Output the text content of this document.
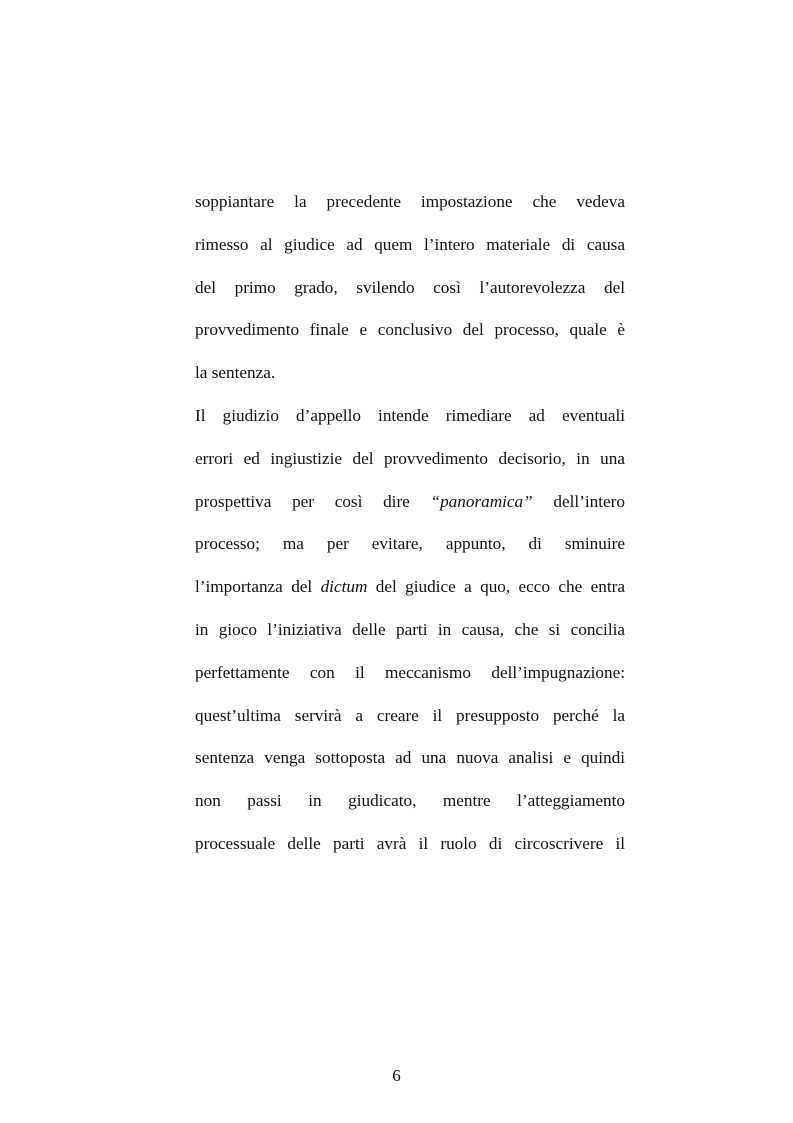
soppiantare la precedente impostazione che vedeva
rimesso al giudice ad quem l’intero materiale di causa
del primo grado, svilendo così l’autorevolezza del
provvedimento finale e conclusivo del processo, quale è
la sentenza.
Il giudizio d’appello intende rimediare ad eventuali
errori ed ingiustizie del provvedimento decisorio, in una
prospettiva per così dire “panoramica” dell’intero
processo; ma per evitare, appunto, di sminuire
l’importanza del dictum del giudice a quo, ecco che entra
in gioco l’iniziativa delle parti in causa, che si concilia
perfettamente con il meccanismo dell’impugnazione:
quest’ultima servirà a creare il presupposto perché la
sentenza venga sottoposta ad una nuova analisi e quindi
non passi in giudicato, mentre l’atteggiamento
processuale delle parti avrà il ruolo di circoscrivere il
6
